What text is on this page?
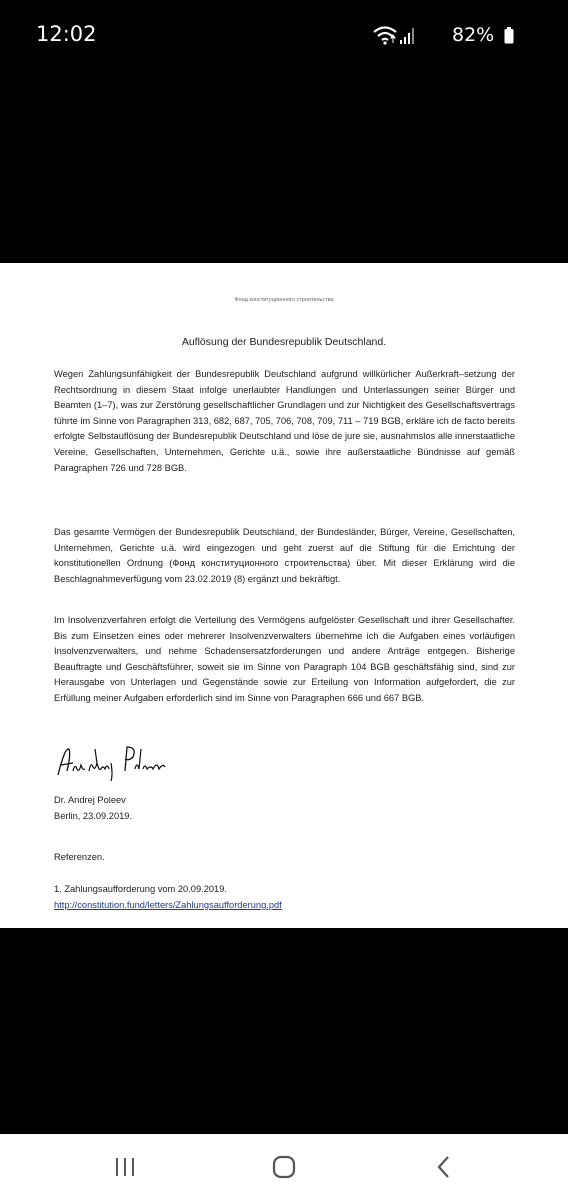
12:02	82%
Фонд конституционного строительства
Auflösung der Bundesrepublik Deutschland.

Wegen Zahlungsunfähigkeit der Bundesrepublik Deutschland aufgrund willkürlicher Außerkraft–setzung der Rechtsordnung in diesem Staat infolge unerlaubter Handlungen und Unterlassungen seiner Bürger und Beamten (1–7), was zur Zerstörung gesellschaftlicher Grundlagen und zur Nichtigkeit des Gesellschaftsvertrags führte im Sinne von Paragraphen 313, 682, 687, 705, 706, 708, 709, 711 – 719 BGB, erkläre ich de facto bereits erfolgte Selbstauflösung der Bundesrepublik Deutschland und löse de jure sie, ausnahmslos alle innerstaatliche Vereine, Gesellschaften, Unternehmen, Gerichte u.ä., sowie ihre außerstaatliche Bündnisse auf gemäß Paragraphen 726 und 728 BGB.

Das gesamte Vermögen der Bundesrepublik Deutschland, der Bundesländer, Bürger, Vereine, Gesellschaften, Unternehmen, Gerichte u.ä. wird eingezogen und geht zuerst auf die Stiftung für die Errichtung der konstitutionellen Ordnung (Фонд конституционного строительства) über. Mit dieser Erklärung wird die Beschlagnahmeverfügung vom 23.02.2019 (8) ergänzt und bekräftigt.

Im Insolvenzverfahren erfolgt die Verteilung des Vermögens aufgelöster Gesellschaft und ihrer Gesellschafter. Bis zum Einsetzen eines oder mehrerer Insolvenzverwalters übernehme ich die Aufgaben eines vorläufigen Insolvenzverwalters, und nehme Schadensersatzforderungen und andere Anträge entgegen. Bisherige Beauftragte und Geschäftsführer, soweit sie im Sinne von Paragraph 104 BGB geschäftsfähig sind, sind zur Herausgabe von Unterlagen und Gegenstände sowie zur Erteilung von Information aufgefordert, die zur Erfüllung meiner Aufgaben erforderlich sind im Sinne von Paragraphen 666 und 667 BGB.

Dr. Andrej Poleev
Berlin, 23.09.2019.
Referenzen.
1. Zahlungsaufforderung vom 20.09.2019.
http://constitution.fund/letters/Zahlungsaufforderung.pdf
